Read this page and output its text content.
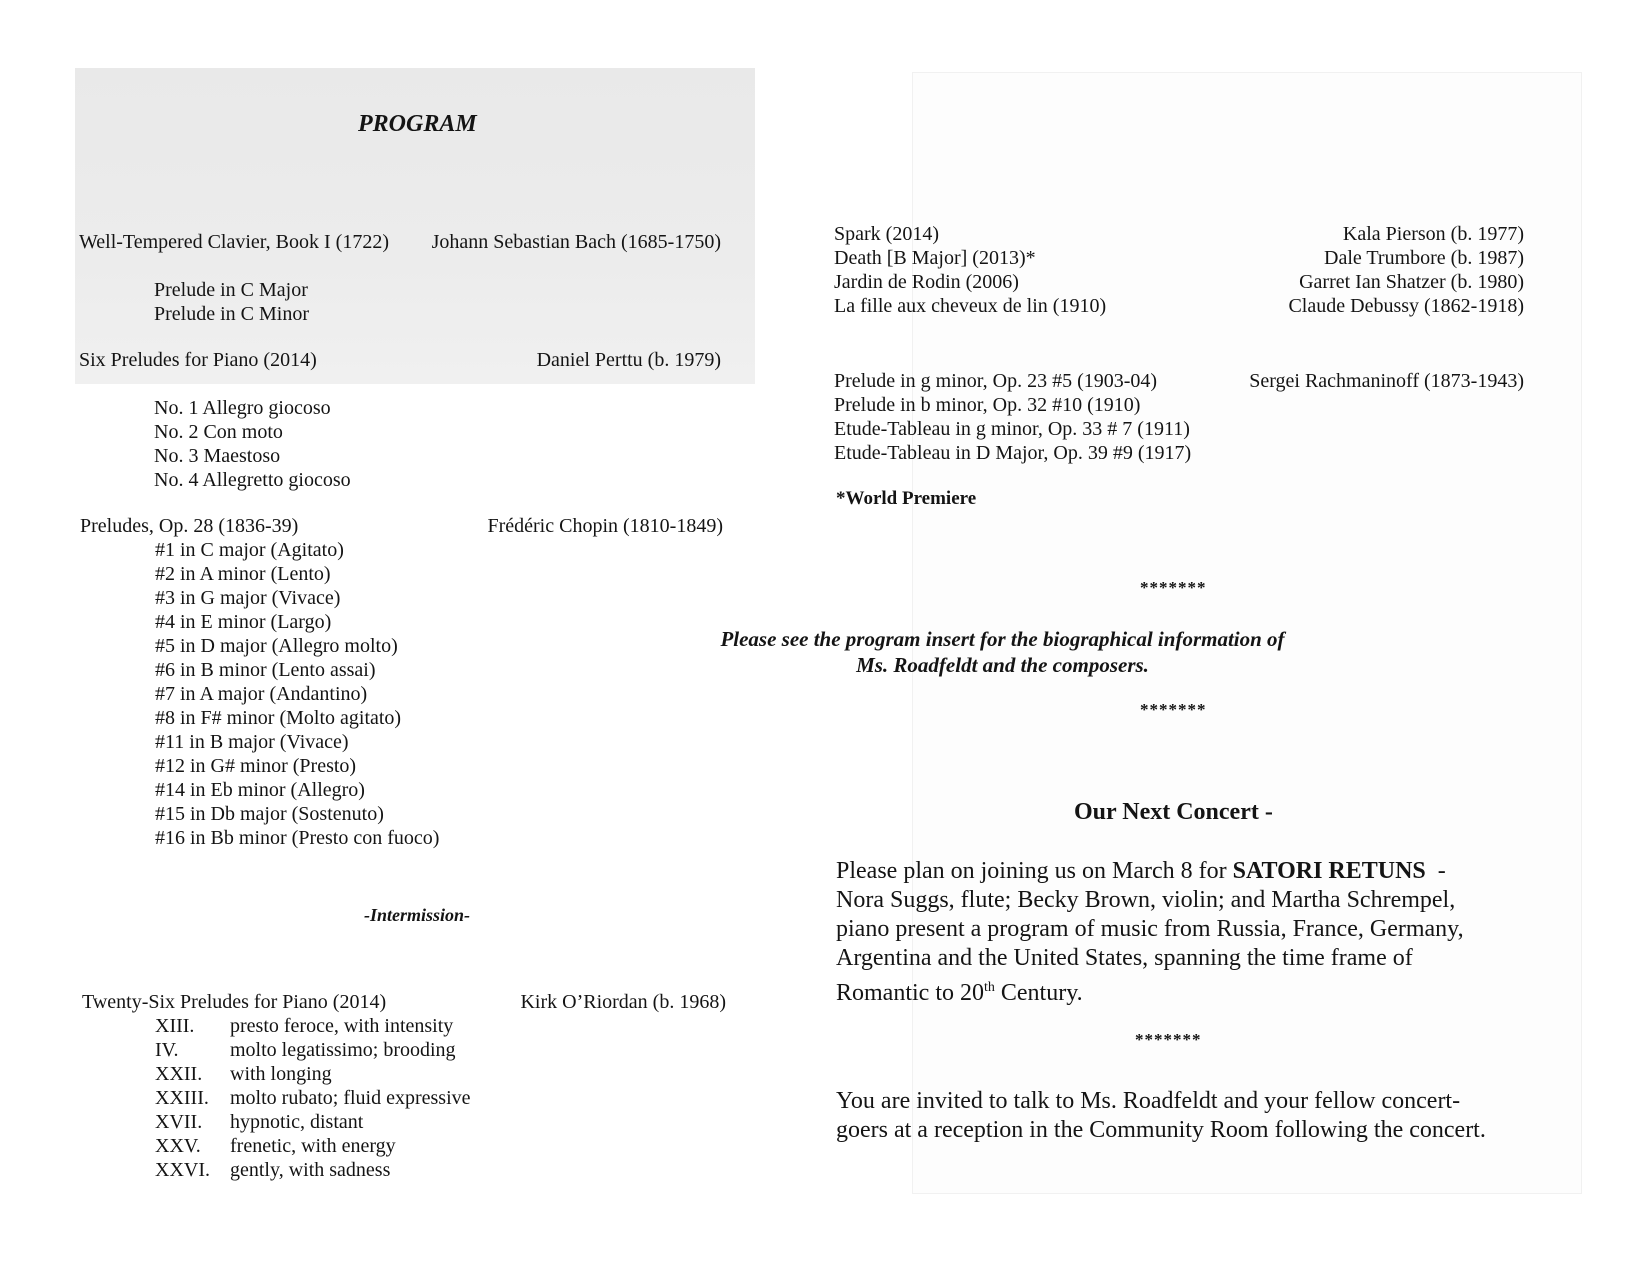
PROGRAM
Well-Tempered Clavier, Book I (1722) Johann Sebastian Bach (1685-1750)
Prelude in C Major
Prelude in C Minor
Six Preludes for Piano (2014)	Daniel Perttu (b. 1979)
No. 1 Allegro giocoso
No. 2 Con moto
No. 3 Maestoso
No. 4 Allegretto giocoso
Preludes, Op. 28 (1836-39)	Frédéric Chopin (1810-1849)
#1 in C major (Agitato)
#2 in A minor (Lento)
#3 in G major (Vivace)
#4 in E minor (Largo)
#5 in D major (Allegro molto)
#6 in B minor (Lento assai)
#7 in A major (Andantino)
#8 in F# minor (Molto agitato)
#11 in B major (Vivace)
#12 in G# minor (Presto)
#14 in Eb minor (Allegro)
#15 in Db major (Sostenuto)
#16 in Bb minor (Presto con fuoco)
-Intermission-
Twenty-Six Preludes for Piano (2014)	Kirk O’Riordan (b. 1968)
XIII.	presto feroce, with intensity
IV.	molto legatissimo; brooding
XXII.	with longing
XXIII.	molto rubato; fluid expressive
XVII.	hypnotic, distant
XXV.	frenetic, with energy
XXVI.	gently, with sadness
Spark (2014)	Kala Pierson (b. 1977)
Death [B Major] (2013)*	Dale Trumbore (b. 1987)
Jardin de Rodin (2006)	Garret Ian Shatzer (b. 1980)
La fille aux cheveux de lin (1910)	Claude Debussy (1862-1918)
Prelude in g minor, Op. 23 #5 (1903-04)	Sergei Rachmaninoff (1873-1943)
Prelude in b minor, Op. 32 #10 (1910)
Etude-Tableau in g minor, Op. 33 # 7 (1911)
Etude-Tableau in D Major, Op. 39 #9 (1917)
*World Premiere
*******
Please see the program insert for the biographical information of
Ms. Roadfeldt and the composers.
*******
Our Next Concert -
Please plan on joining us on March 8 for SATORI RETUNS -
Nora Suggs, flute; Becky Brown, violin; and Martha Schrempel,
piano present a program of music from Russia, France, Germany,
Argentina and the United States, spanning the time frame of
Romantic to 20th Century.
*******
You are invited to talk to Ms. Roadfeldt and your fellow concert-
goers at a reception in the Community Room following the concert.
